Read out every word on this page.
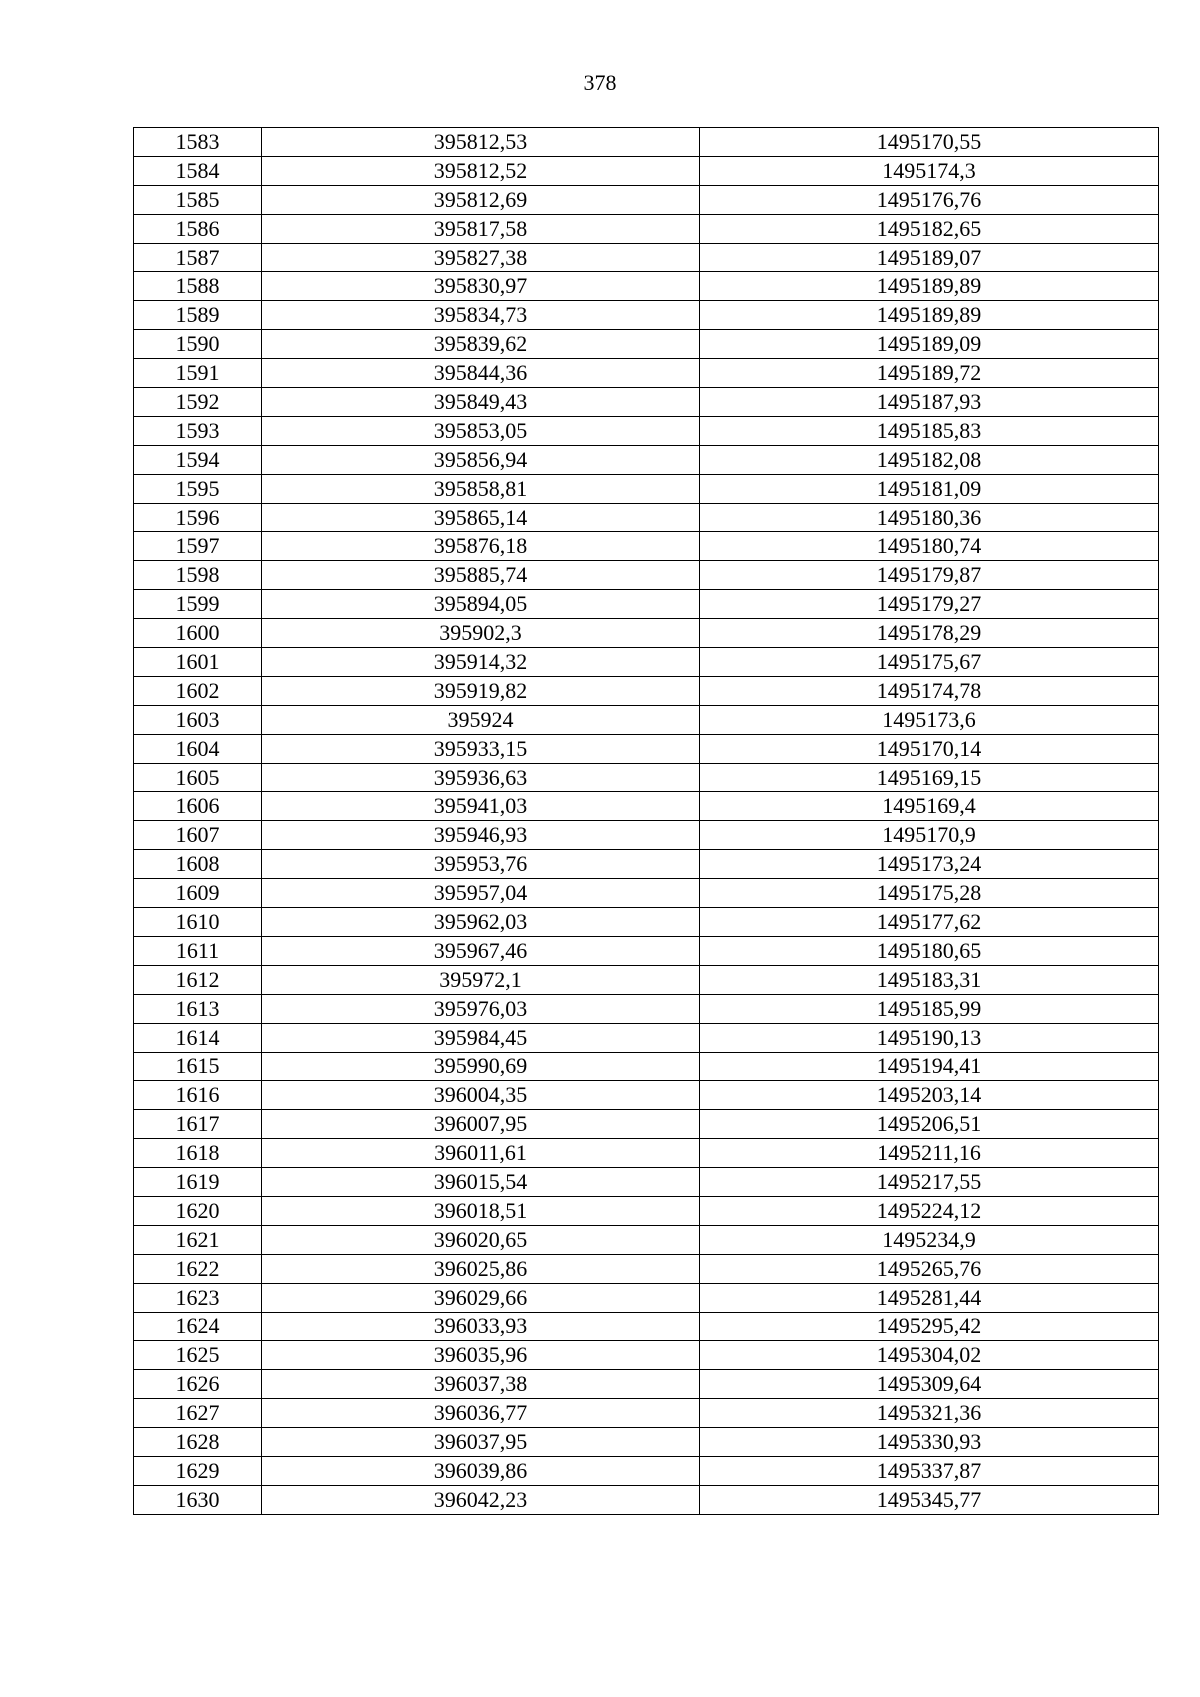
378
1583	395812,53	1495170,55
1584	395812,52	1495174,3
1585	395812,69	1495176,76
1586	395817,58	1495182,65
1587	395827,38	1495189,07
1588	395830,97	1495189,89
1589	395834,73	1495189,89
1590	395839,62	1495189,09
1591	395844,36	1495189,72
1592	395849,43	1495187,93
1593	395853,05	1495185,83
1594	395856,94	1495182,08
1595	395858,81	1495181,09
1596	395865,14	1495180,36
1597	395876,18	1495180,74
1598	395885,74	1495179,87
1599	395894,05	1495179,27
1600	395902,3	1495178,29
1601	395914,32	1495175,67
1602	395919,82	1495174,78
1603	395924	1495173,6
1604	395933,15	1495170,14
1605	395936,63	1495169,15
1606	395941,03	1495169,4
1607	395946,93	1495170,9
1608	395953,76	1495173,24
1609	395957,04	1495175,28
1610	395962,03	1495177,62
1611	395967,46	1495180,65
1612	395972,1	1495183,31
1613	395976,03	1495185,99
1614	395984,45	1495190,13
1615	395990,69	1495194,41
1616	396004,35	1495203,14
1617	396007,95	1495206,51
1618	396011,61	1495211,16
1619	396015,54	1495217,55
1620	396018,51	1495224,12
1621	396020,65	1495234,9
1622	396025,86	1495265,76
1623	396029,66	1495281,44
1624	396033,93	1495295,42
1625	396035,96	1495304,02
1626	396037,38	1495309,64
1627	396036,77	1495321,36
1628	396037,95	1495330,93
1629	396039,86	1495337,87
1630	396042,23	1495345,77
